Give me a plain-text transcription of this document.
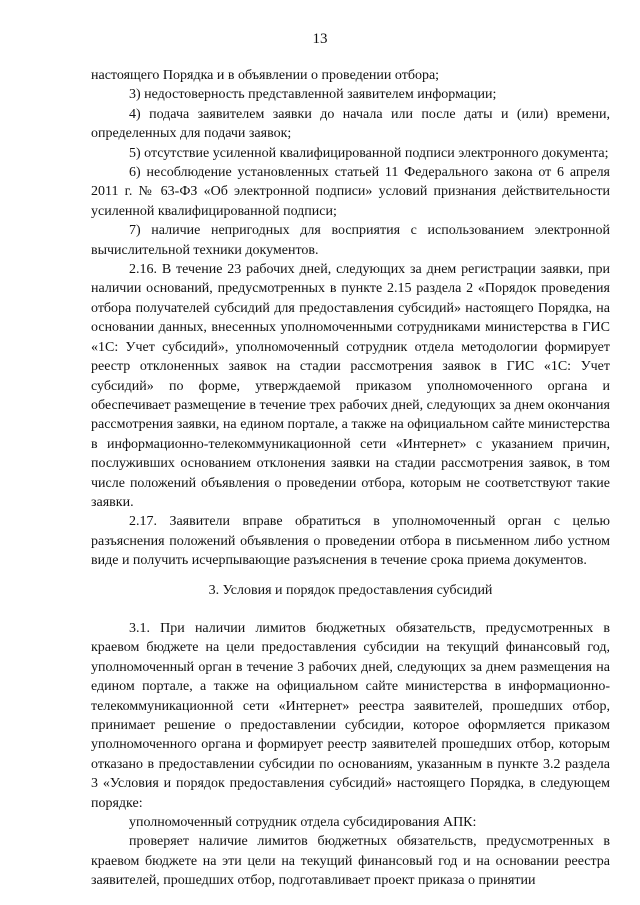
13

настоящего Порядка и в объявлении о проведении отбора;

3) недостоверность представленной заявителем информации;

4) подача заявителем заявки до начала или после даты и (или) времени, определенных для подачи заявок;

5) отсутствие усиленной квалифицированной подписи электронного документа;

6) несоблюдение установленных статьей 11 Федерального закона от 6 апреля 2011 г. № 63-ФЗ «Об электронной подписи» условий признания действительности усиленной квалифицированной подписи;

7) наличие непригодных для восприятия с использованием электронной вычислительной техники документов.

2.16. В течение 23 рабочих дней, следующих за днем регистрации заявки, при наличии оснований, предусмотренных в пункте 2.15 раздела 2 «Порядок проведения отбора получателей субсидий для предоставления субсидий» настоящего Порядка, на основании данных, внесенных уполномоченными сотрудниками министерства в ГИС «1С: Учет субсидий», уполномоченный сотрудник отдела методологии формирует реестр отклоненных заявок на стадии рассмотрения заявок в ГИС «1С: Учет субсидий» по форме, утверждаемой приказом уполномоченного органа и обеспечивает размещение в течение трех рабочих дней, следующих за днем окончания рассмотрения заявки, на едином портале, а также на официальном сайте министерства в информационно-телекоммуникационной сети «Интернет» с указанием причин, послуживших основанием отклонения заявки на стадии рассмотрения заявок, в том числе положений объявления о проведении отбора, которым не соответствуют такие заявки.

2.17. Заявители вправе обратиться в уполномоченный орган с целью разъяснения положений объявления о проведении отбора в письменном либо устном виде и получить исчерпывающие разъяснения в течение срока приема документов.

3. Условия и порядок предоставления субсидий

3.1. При наличии лимитов бюджетных обязательств, предусмотренных в краевом бюджете на цели предоставления субсидии на текущий финансовый год, уполномоченный орган в течение 3 рабочих дней, следующих за днем размещения на едином портале, а также на официальном сайте министерства в информационно-телекоммуникационной сети «Интернет» реестра заявителей, прошедших отбор, принимает решение о предоставлении субсидии, которое оформляется приказом уполномоченного органа и формирует реестр заявителей прошедших отбор, которым отказано в предоставлении субсидии по основаниям, указанным в пункте 3.2 раздела 3 «Условия и порядок предоставления субсидий» настоящего Порядка, в следующем порядке:

уполномоченный сотрудник отдела субсидирования АПК:

проверяет наличие лимитов бюджетных обязательств, предусмотренных в краевом бюджете на эти цели на текущий финансовый год и на основании реестра заявителей, прошедших отбор, подготавливает проект приказа о принятии
